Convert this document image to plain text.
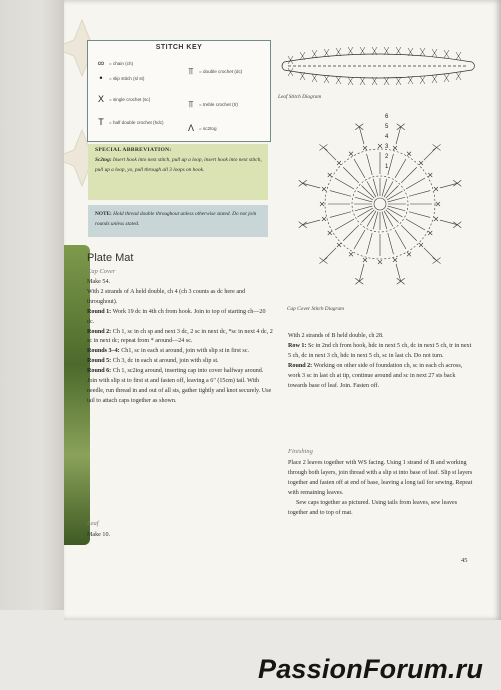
STITCH KEY
∞	= chain (ch)
•	= slip stitch (sl st)
X	= single crochet (sc)
T	= half double crochet (hdc)
⫪	= double crochet (dc)
⫪	= treble crochet (tr)
Λ	= sc2tog
SPECIAL ABBREVIATION:
Sc2tog: Insert hook into next stitch, pull up a loop, insert hook into next stitch, pull up a loop, yo, pull through all 3 loops on hook.
NOTE: Hold thread double throughout unless otherwise stated. Do not join rounds unless stated.
Plate Mat
Cap Cover

Make 54.

With 2 strands of A held double, ch 4 (ch 3 counts as dc here and throughout).

Round 1: Work 19 dc in 4th ch from hook. Join to top of starting ch—20 dc.

Round 2: Ch 1, sc in ch sp and next 3 dc, 2 sc in next dc, *sc in next 4 dc, 2 sc in next dc; repeat from * around—24 sc.

Rounds 3–4: Ch1, sc in each st around, join with slip st in first sc.

Round 5: Ch 3, dc in each st around, join with slip st.

Round 6: Ch 1, sc2tog around, inserting cap into cover halfway around. Join with slip st to first st and fasten off, leaving a 6" (15cm) tail. With needle, run thread in and out of all sts, gather tightly and knot securely. Use tail to attach caps together as shown.

Leaf
Make 10.
Leaf Stitch Diagram
6
5
4
3
2
1
Cap Cover Stitch Diagram

With 2 strands of B held double, ch 28.

Row 1: Sc in 2nd ch from hook, hdc in next 5 ch, dc in next 5 ch, tr in next 5 ch, dc in next 3 ch, hdc in next 5 ch, sc in last ch. Do not turn.

Round 2: Working on other side of foundation ch, sc in each ch across, work 3 sc in last ch at tip, continue around and sc in next 27 sts back towards base of leaf. Join. Fasten off.

Finishing

Place 2 leaves together with WS facing. Using 1 strand of B and working through both layers, join thread with a slip st into base of leaf. Slip st layers together and fasten off at end of base, leaving a long tail for sewing. Repeat with remaining leaves.

Sew caps together as pictured. Using tails from leaves, sew leaves together and to top of mat.

45
PassionForum.ru
